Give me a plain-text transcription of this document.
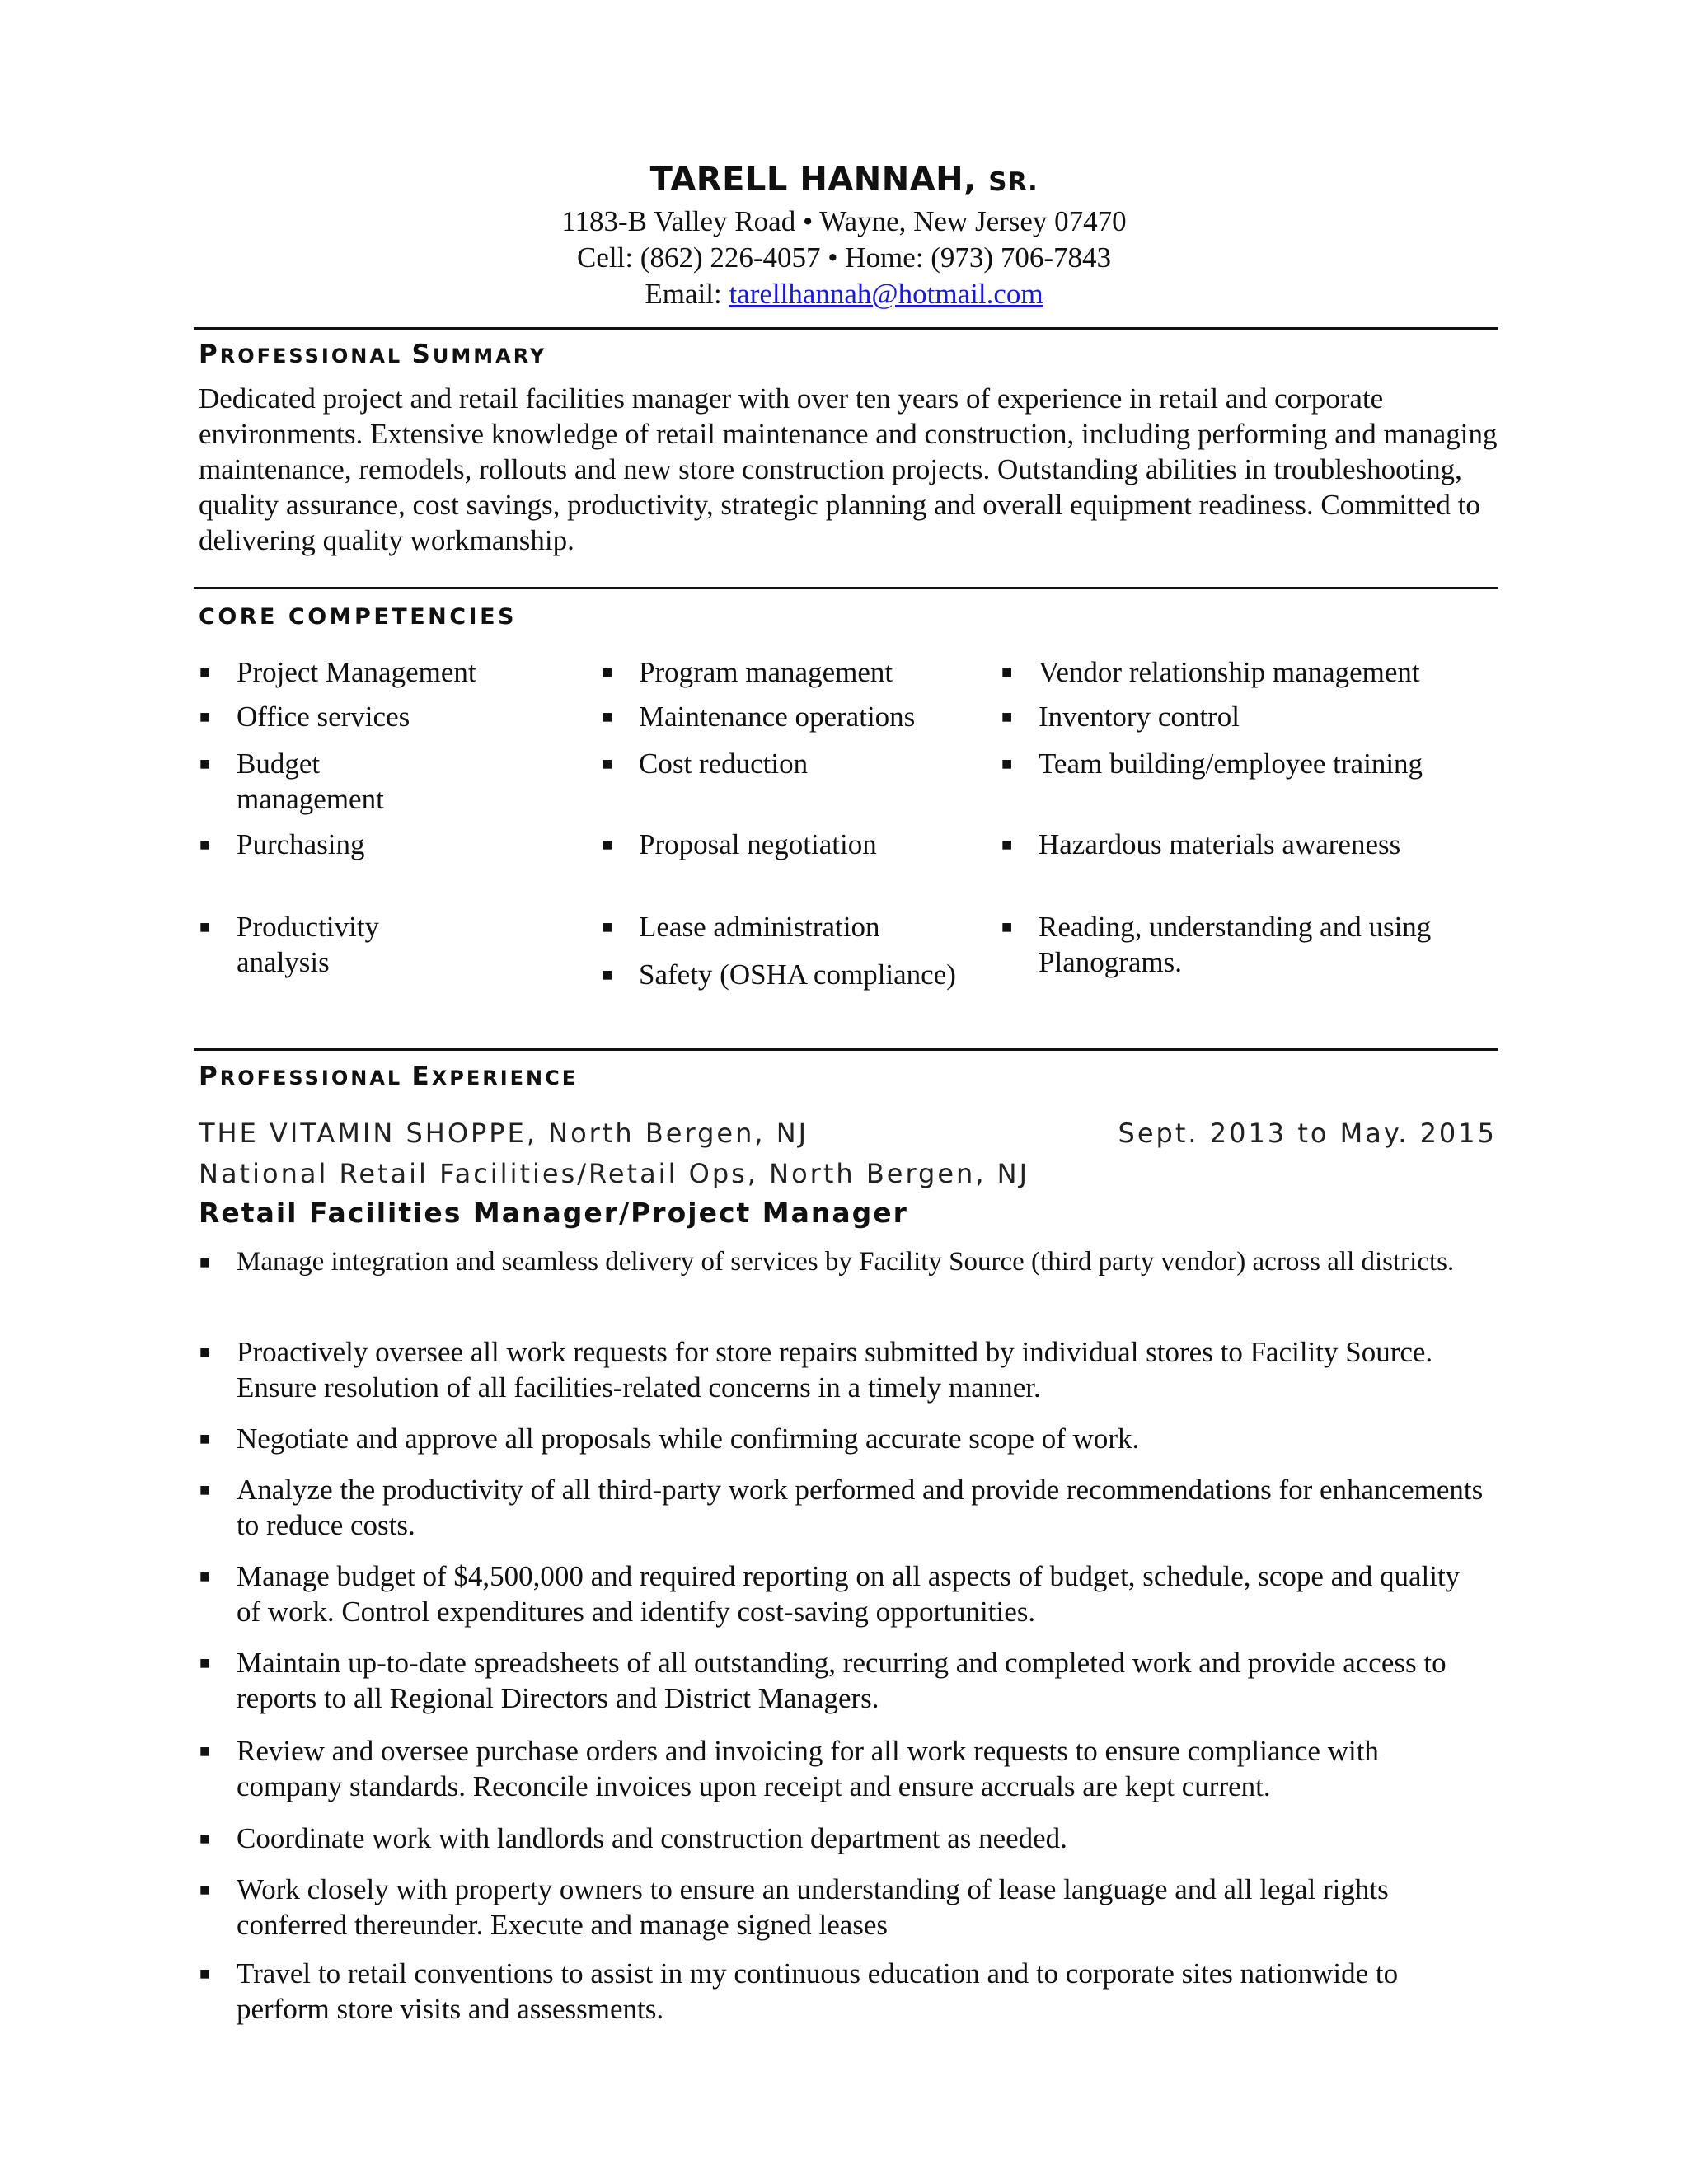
TARELL HANNAH, SR.
1183-B Valley Road • Wayne, New Jersey 07470
Cell: (862) 226-4057 • Home: (973) 706-7843
Email: tarellhannah@hotmail.com
PROFESSIONAL SUMMARY
Dedicated project and retail facilities manager with over ten years of experience in retail and corporate environments. Extensive knowledge of retail maintenance and construction, including performing and managing maintenance, remodels, rollouts and new store construction projects. Outstanding abilities in troubleshooting, quality assurance, cost savings, productivity, strategic planning and overall equipment readiness. Committed to delivering quality workmanship.
CORE COMPETENCIES
■ Project Management
■ Office services
■ Budget management
■ Purchasing
■ Productivity analysis
■ Program management
■ Maintenance operations
■ Cost reduction
■ Proposal negotiation
■ Lease administration
■ Safety (OSHA compliance)
■ Vendor relationship management
■ Inventory control
■ Team building/employee training
■ Hazardous materials awareness
■ Reading, understanding and using Planograms.
PROFESSIONAL EXPERIENCE
THE VITAMIN SHOPPE, North Bergen, NJ	Sept. 2013 to May. 2015
National Retail Facilities/Retail Ops, North Bergen, NJ
Retail Facilities Manager/Project Manager
■ Manage integration and seamless delivery of services by Facility Source (third party vendor) across all districts.
■ Proactively oversee all work requests for store repairs submitted by individual stores to Facility Source. Ensure resolution of all facilities-related concerns in a timely manner.
■ Negotiate and approve all proposals while confirming accurate scope of work.
■ Analyze the productivity of all third-party work performed and provide recommendations for enhancements to reduce costs.
■ Manage budget of $4,500,000 and required reporting on all aspects of budget, schedule, scope and quality of work. Control expenditures and identify cost-saving opportunities.
■ Maintain up-to-date spreadsheets of all outstanding, recurring and completed work and provide access to reports to all Regional Directors and District Managers.
■ Review and oversee purchase orders and invoicing for all work requests to ensure compliance with company standards. Reconcile invoices upon receipt and ensure accruals are kept current.
■ Coordinate work with landlords and construction department as needed.
■ Work closely with property owners to ensure an understanding of lease language and all legal rights conferred thereunder. Execute and manage signed leases
■ Travel to retail conventions to assist in my continuous education and to corporate sites nationwide to perform store visits and assessments.
